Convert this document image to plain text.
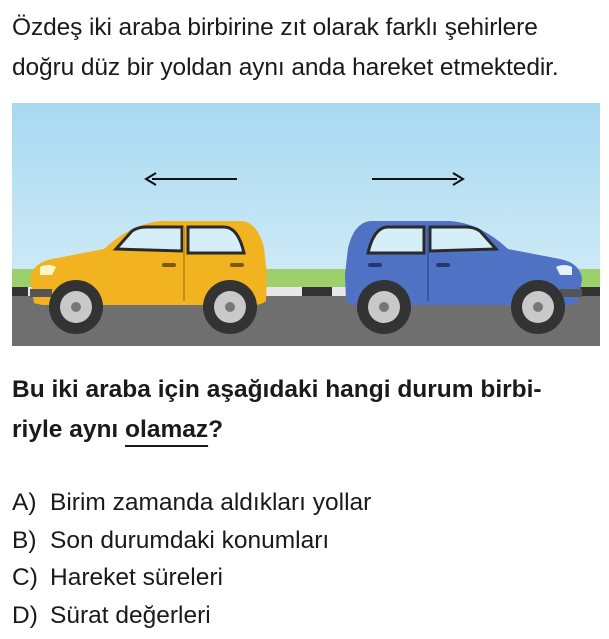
Özdeş iki araba birbirine zıt olarak farklı şehirlere
doğru düz bir yoldan aynı anda hareket etmektedir.
Bu iki araba için aşağıdaki hangi durum birbi-
riyle aynı olamaz?
A) Birim zamanda aldıkları yollar
B) Son durumdaki konumları
C) Hareket süreleri
D) Sürat değerleri
